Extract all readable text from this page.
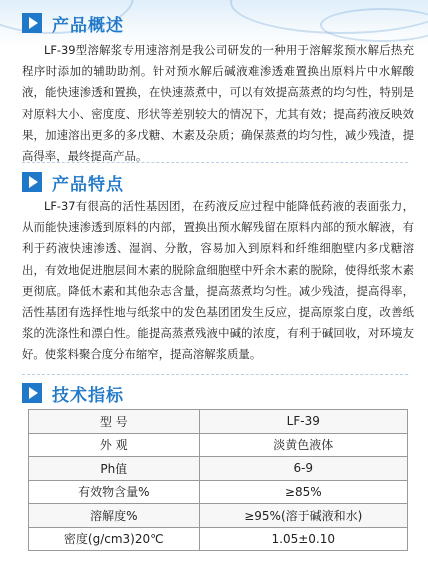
产品概述
LF-39型溶解浆专用速溶剂是我公司研发的一种用于溶解浆预水解后热充程序时添加的辅助助剂。针对预水解后碱液难渗透难置换出原料片中水解酸液，能快速渗透和置换，在快速蒸煮中，可以有效提高蒸煮的均匀性，特别是对原料大小、密度度、形状等差别较大的情况下，尤其有效；提高药液反映效果，加速溶出更多的多戊糖、木素及杂质；确保蒸煮的均匀性，减少残渣，提高得率，最终提高产品。
产品特点
LF-37有很高的活性基因团，在药液反应过程中能降低药液的表面张力，从而能快速渗透到原料的内部，置换出预水解残留在原料内部的预水解液，有利于药液快速渗透、湿润、分散，容易加入到原料和纤维细胞壁内多戊糖溶出，有效地促进胞层间木素的脱除盒细胞壁中歼余木素的脱除，使得纸浆木素更彻底。降低木素和其他杂志含量，提高蒸煮均匀性。减少残渣，提高得率，活性基团有选择性地与纸浆中的发色基团团发生反应，提高原浆白度，改善纸浆的洗涤性和漂白性。能提高蒸煮残液中碱的浓度，有利于碱回收，对环境友好。使浆料聚合度分布缩窄，提高溶解浆质量。
技术指标
型 号	LF-39
外 观	淡黄色液体
Ph值	6-9
有效物含量%	≥85%
溶解度%	≥95%(溶于碱液和水)
密度(g/cm3)20℃	1.05±0.10
